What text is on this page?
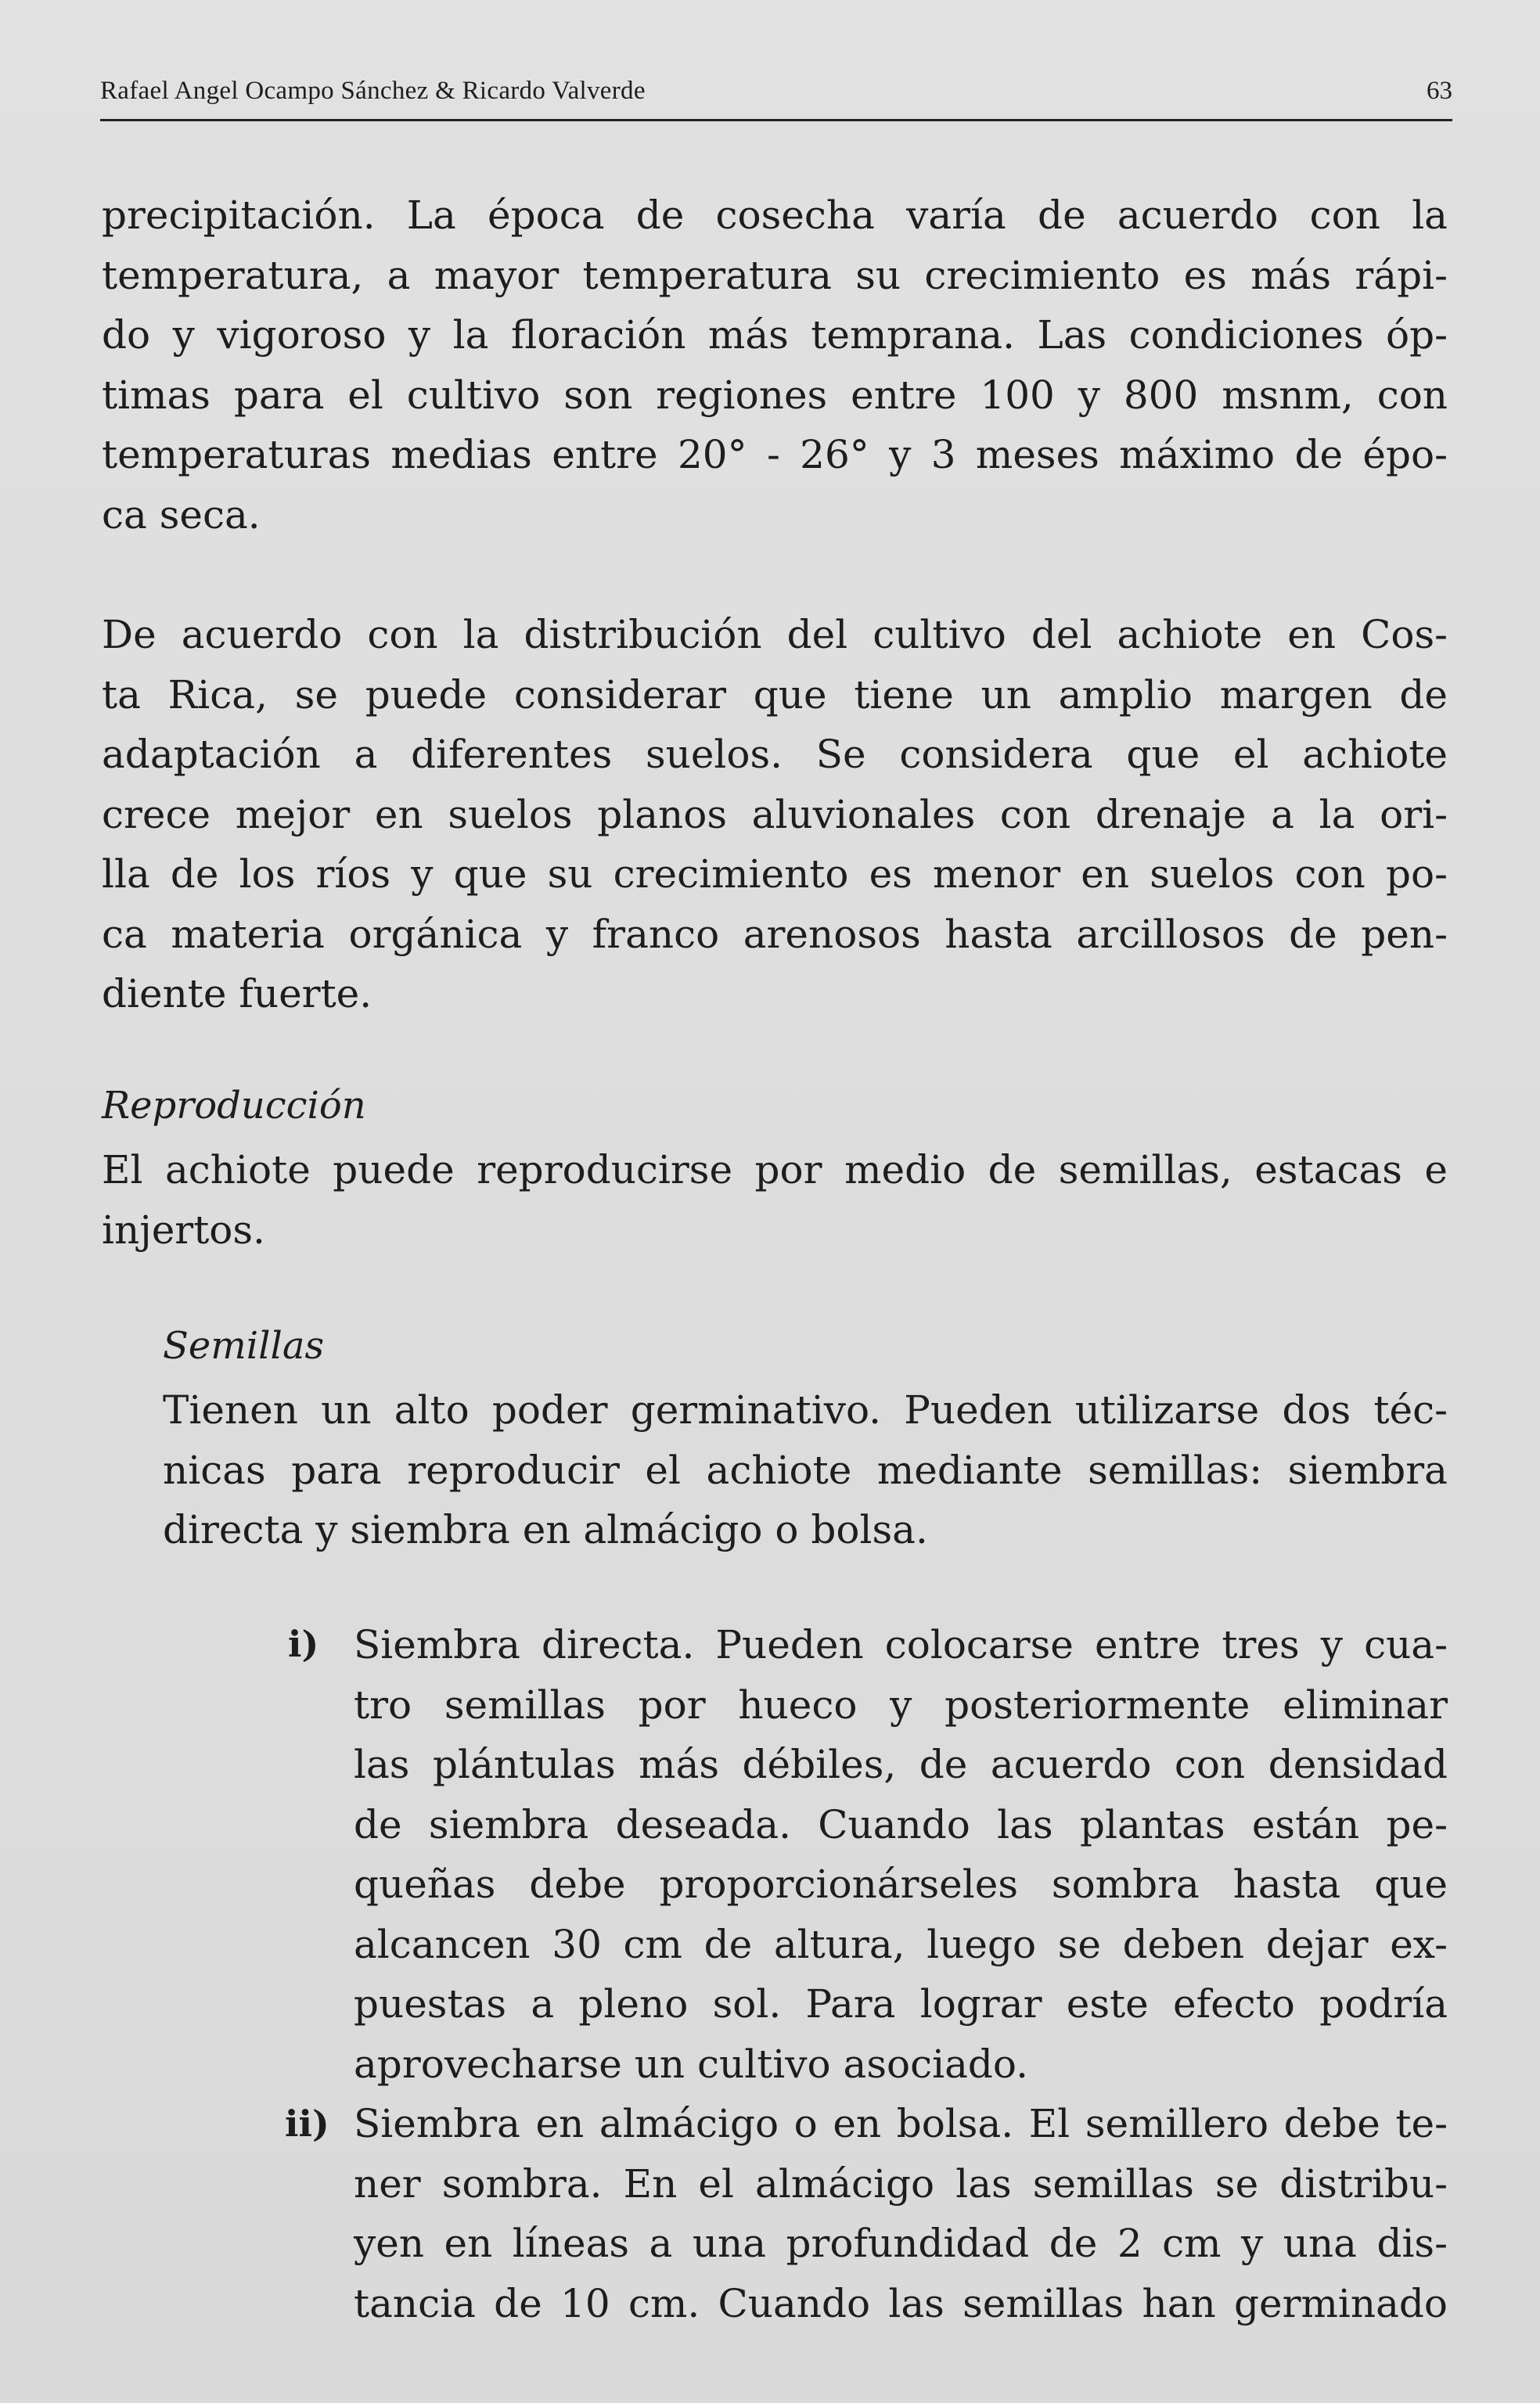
Rafael Angel Ocampo Sánchez & Ricardo Valverde	63
precipitación. La época de cosecha varía de acuerdo con la
temperatura, a mayor temperatura su crecimiento es más rápi-
do y vigoroso y la floración más temprana. Las condiciones óp-
timas para el cultivo son regiones entre 100 y 800 msnm, con
temperaturas medias entre 20° - 26° y 3 meses máximo de épo-
ca seca.
De acuerdo con la distribución del cultivo del achiote en Cos-
ta Rica, se puede considerar que tiene un amplio margen de
adaptación a diferentes suelos. Se considera que el achiote
crece mejor en suelos planos aluvionales con drenaje a la ori-
lla de los ríos y que su crecimiento es menor en suelos con po-
ca materia orgánica y franco arenosos hasta arcillosos de pen-
diente fuerte.
Reproducción
El achiote puede reproducirse por medio de semillas, estacas e
injertos.
Semillas
Tienen un alto poder germinativo. Pueden utilizarse dos téc-
nicas para reproducir el achiote mediante semillas: siembra
directa y siembra en almácigo o bolsa.
i) Siembra directa. Pueden colocarse entre tres y cua-
tro semillas por hueco y posteriormente eliminar
las plántulas más débiles, de acuerdo con densidad
de siembra deseada. Cuando las plantas están pe-
queñas debe proporcionárseles sombra hasta que
alcancen 30 cm de altura, luego se deben dejar ex-
puestas a pleno sol. Para lograr este efecto podría
aprovecharse un cultivo asociado.
ii) Siembra en almácigo o en bolsa. El semillero debe te-
ner sombra. En el almácigo las semillas se distribu-
yen en líneas a una profundidad de 2 cm y una dis-
tancia de 10 cm. Cuando las semillas han germinado
